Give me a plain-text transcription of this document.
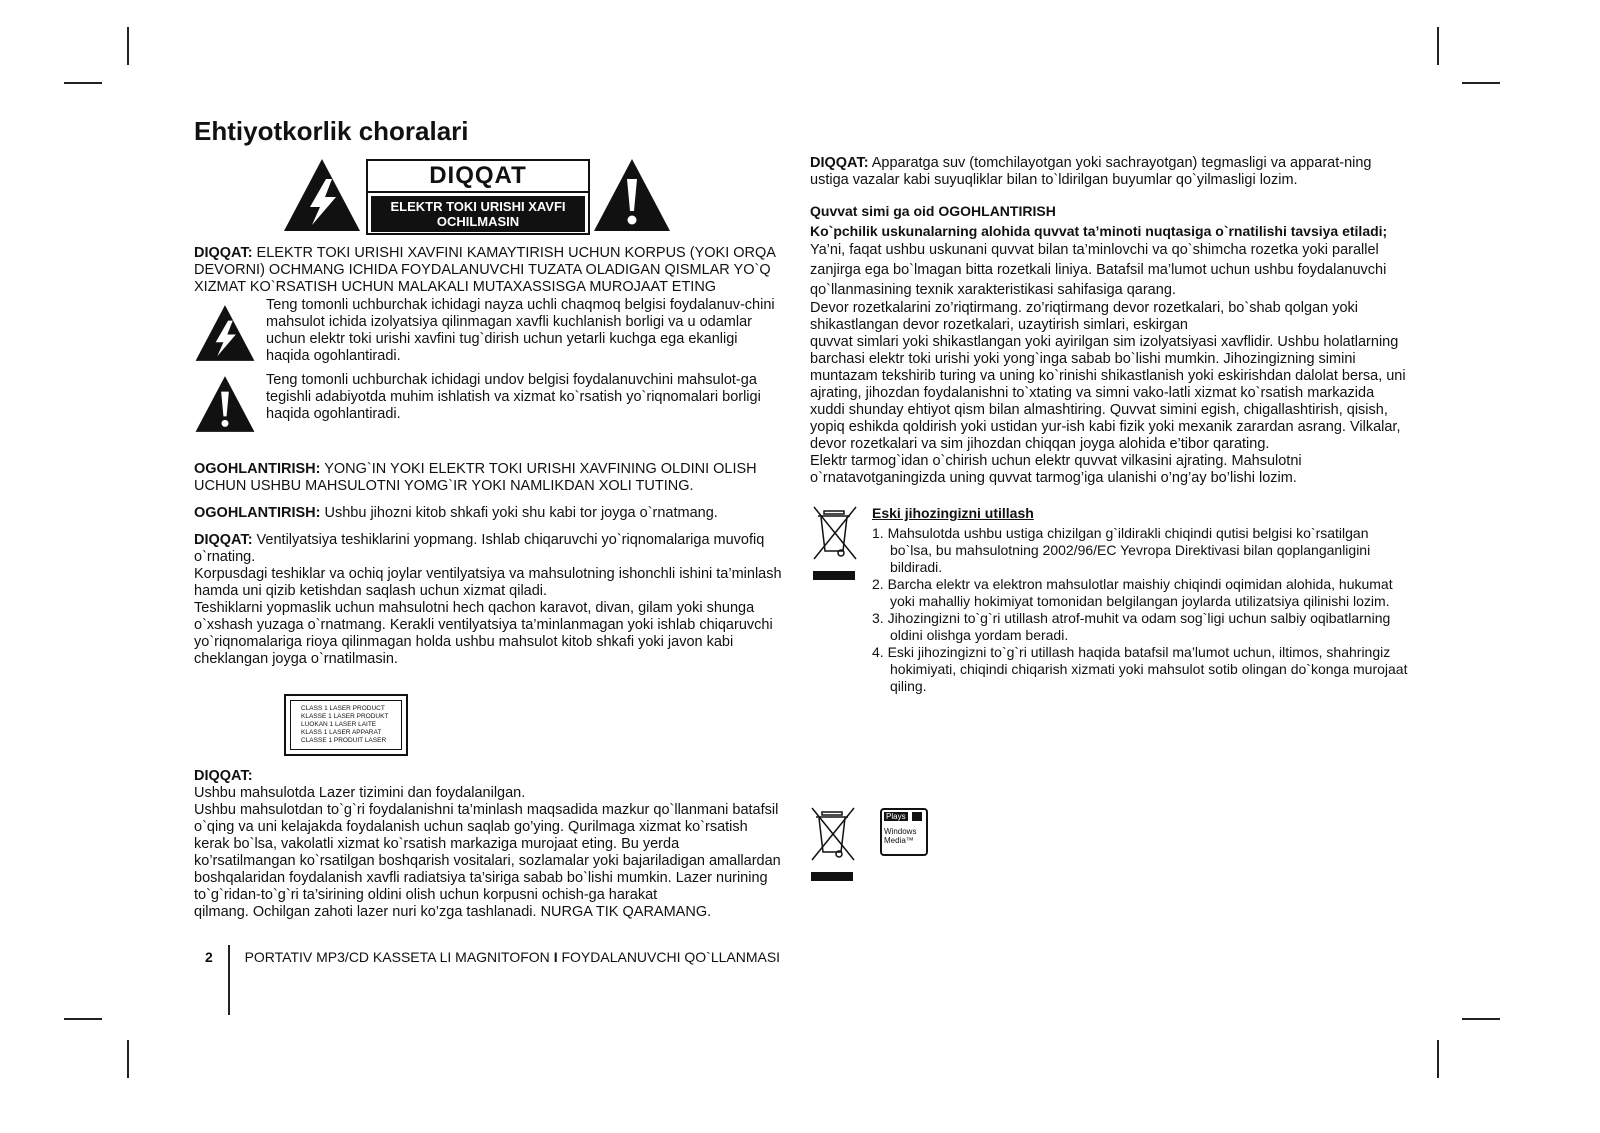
Ehtiyotkorlik choralari
DIQQAT
ELEKTR TOKI URISHI XAVFI
OCHILMASIN

DIQQAT: ELEKTR TOKI URISHI XAVFINI KAMAYTIRISH UCHUN KORPUS (YOKI ORQA DEVORNI) OCHMANG ICHIDA FOYDALANUVCHI TUZATA OLADIGAN QISMLAR YO`Q XIZMAT KO`RSATISH UCHUN MALAKALI MUTAXASSISGA MUROJAAT ETING

Teng tomonli uchburchak ichidagi nayza uchli chaqmoq belgisi foydalanuv-chini mahsulot ichida izolyatsiya qilinmagan xavfli kuchlanish borligi va u odamlar uchun elektr toki urishi xavfini tug`dirish uchun yetarli kuchga ega ekanligi haqida ogohlantiradi.

Teng tomonli uchburchak ichidagi undov belgisi foydalanuvchini mahsulot-ga tegishli adabiyotda muhim ishlatish va xizmat ko`rsatish yo`riqnomalari borligi haqida ogohlantiradi.

OGOHLANTIRISH: YONG`IN YOKI ELEKTR TOKI URISHI XAVFINING OLDINI OLISH UCHUN USHBU MAHSULOTNI YOMG`IR YOKI NAMLIKDAN XOLI TUTING.

OGOHLANTIRISH: Ushbu jihozni kitob shkafi yoki shu kabi tor joyga o`rnatmang.

DIQQAT: Ventilyatsiya teshiklarini yopmang. Ishlab chiqaruvchi yo`riqnomalariga muvofiq o`rnating.

Korpusdagi teshiklar va ochiq joylar ventilyatsiya va mahsulotning ishonchli ishini ta’minlash hamda uni qizib ketishdan saqlash uchun xizmat qiladi.

Teshiklarni yopmaslik uchun mahsulotni hech qachon karavot, divan, gilam yoki shunga o`xshash yuzaga o`rnatmang. Kerakli ventilyatsiya ta’minlanmagan yoki ishlab chiqaruvchi yo`riqnomalariga rioya qilinmagan holda ushbu mahsulot kitob shkafi yoki javon kabi cheklangan joyga o`rnatilmasin.

CLASS 1 LASER PRODUCT
KLASSE 1 LASER PRODUKT
LUOKAN 1 LASER LAITE
KLASS 1 LASER APPARAT
CLASSE 1 PRODUIT LASER

DIQQAT:

Ushbu mahsulotda Lazer tizimini dan foydalanilgan.

Ushbu mahsulotdan to`g`ri foydalanishni ta’minlash maqsadida mazkur qo`llanmani batafsil o`qing va uni kelajakda foydalanish uchun saqlab go’ying. Qurilmaga xizmat ko`rsatish kerak bo`lsa, vakolatli xizmat ko`rsatish markaziga murojaat eting. Bu yerda ko’rsatilmangan ko`rsatilgan boshqarish vositalari, sozlamalar yoki bajariladigan amallardan boshqalaridan foydalanish xavfli radiatsiya ta’siriga sabab bo`lishi mumkin. Lazer nurining to`g`ridan-to`g`ri ta’sirining oldini olish uchun korpusni ochish-ga harakat

qilmang. Ochilgan zahoti lazer nuri ko’zga tashlanadi. NURGA TIK QARAMANG.

DIQQAT: Apparatga suv (tomchilayotgan yoki sachrayotgan) tegmasligi va apparat-ning ustiga vazalar kabi suyuqliklar bilan to`ldirilgan buyumlar qo`yilmasligi lozim.

Quvvat simi ga oid OGOHLANTIRISH

Ko`pchilik uskunalarning alohida quvvat ta’minoti nuqtasiga o`rnatilishi tavsiya etiladi;

Ya’ni, faqat ushbu uskunani quvvat bilan ta’minlovchi va qo`shimcha rozetka yoki parallel zanjirga ega bo`lmagan bitta rozetkali liniya. Batafsil ma’lumot uchun ushbu foydalanuvchi qo`llanmasining texnik xarakteristikasi sahifasiga qarang.

Devor rozetkalarini zo’riqtirmang. zo’riqtirmang devor rozetkalari, bo`shab qolgan yoki shikastlangan devor rozetkalari, uzaytirish simlari, eskirgan

quvvat simlari yoki shikastlangan yoki ayirilgan sim izolyatsiyasi xavflidir. Ushbu holatlarning barchasi elektr toki urishi yoki yong`inga sabab bo`lishi mumkin. Jihozingizning simini muntazam tekshirib turing va uning ko`rinishi shikastlanish yoki eskirishdan dalolat bersa, uni ajrating, jihozdan foydalanishni to`xtating va simni vako-latli xizmat ko`rsatish markazida xuddi shunday ehtiyot qism bilan almashtiring. Quvvat simini egish, chigallashtirish, qisish, yopiq eshikda qoldirish yoki ustidan yur-ish kabi fizik yoki mexanik zarardan asrang. Vilkalar, devor rozetkalari va sim jihozdan chiqqan joyga alohida e’tibor qarating.

Elektr tarmog`idan o`chirish uchun elektr quvvat vilkasini ajrating. Mahsulotni o`rnatavotganingizda uning quvvat tarmog’iga ulanishi o’ng’ay bo’lishi lozim.

Eski jihozingizni utillash
1. Mahsulotda ushbu ustiga chizilgan g`ildirakli chiqindi qutisi belgisi ko`rsatilgan bo`lsa, bu mahsulotning 2002/96/EC Yevropa Direktivasi bilan qoplanganligini bildiradi.
2. Barcha elektr va elektron mahsulotlar maishiy chiqindi oqimidan alohida, hukumat yoki mahalliy hokimiyat tomonidan belgilangan joylarda utilizatsiya qilinishi lozim.
3. Jihozingizni to`g`ri utillash atrof-muhit va odam sog`ligi uchun salbiy oqibatlarning oldini olishga yordam beradi.
4. Eski jihozingizni to`g`ri utillash haqida batafsil ma’lumot uchun, iltimos, shahringiz hokimiyati, chiqindi chiqarish xizmati yoki mahsulot sotib olingan do`konga murojaat qiling.
Plays
Windows
Media™
2 PORTATIV MP3/CD KASSETA LI MAGNITOFON I FOYDALANUVCHI QO`LLANMASI
